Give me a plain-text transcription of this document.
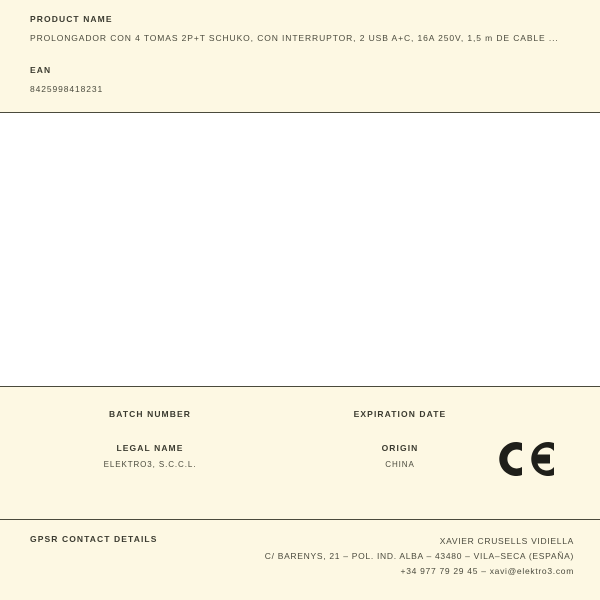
PRODUCT NAME

PROLONGADOR CON 4 TOMAS 2P+T SCHUKO, CON INTERRUPTOR, 2 USB A+C, 16A 250V, 1,5 m DE CABLE ...

EAN

8425998418231

BATCH NUMBER	EXPIRATION DATE

LEGAL NAME

ELEKTRO3, S.C.C.L.

ORIGIN

CHINA

GPSR CONTACT DETAILS	XAVIER CRUSELLS VIDIELLA
C/ BARENYS, 21 – POL. IND. ALBA – 43480 – VILA–SECA (ESPAÑA)
+34 977 79 29 45 – xavi@elektro3.com
